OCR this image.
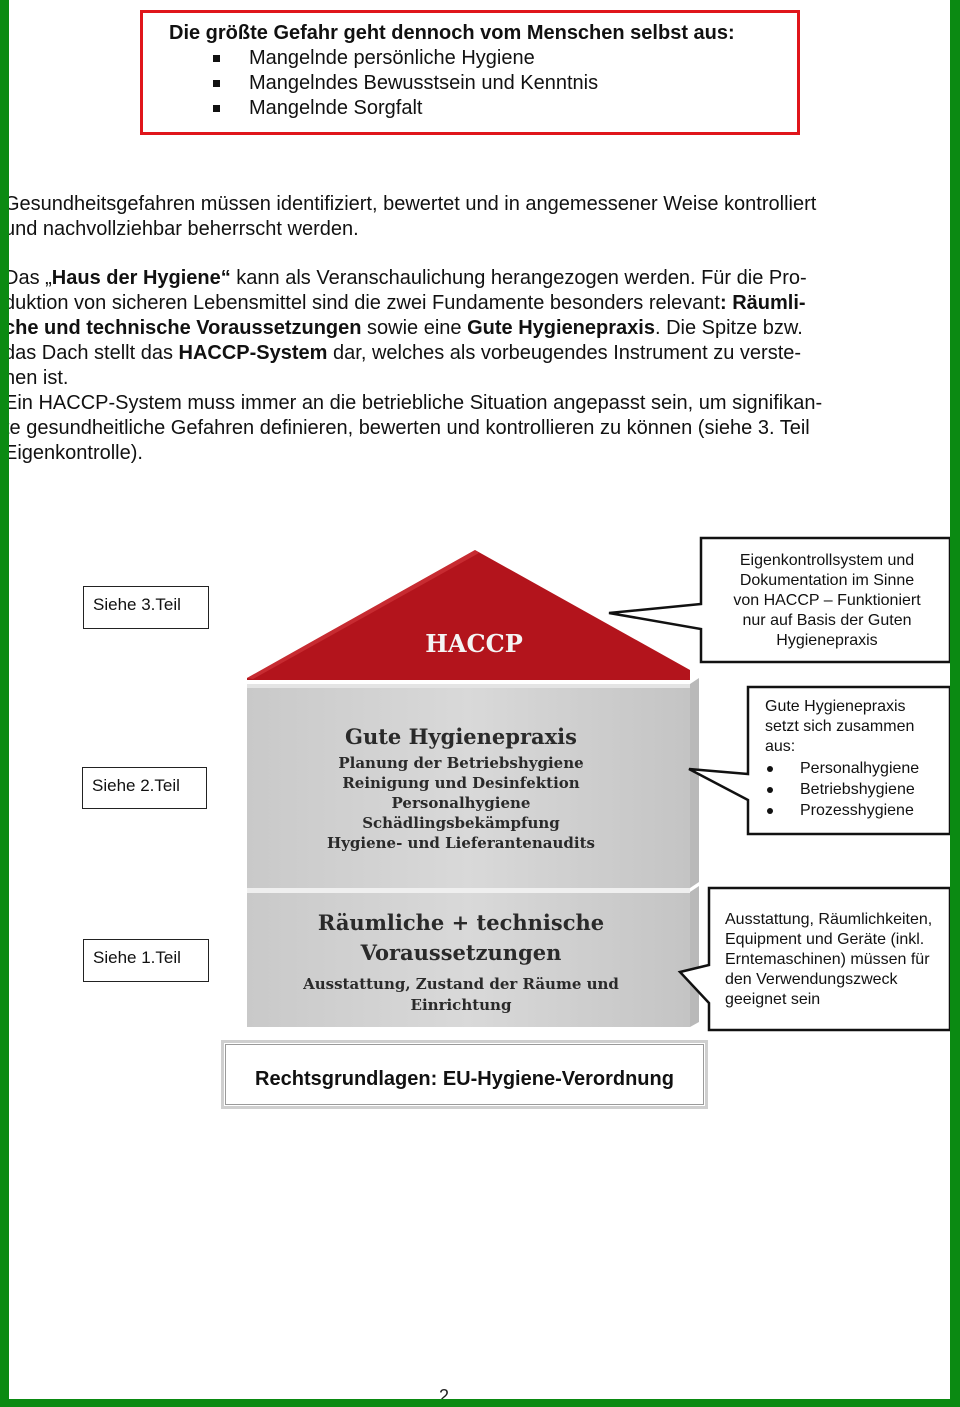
Die größte Gefahr geht dennoch vom Menschen selbst aus:
Mangelnde persönliche Hygiene
Mangelndes Bewusstsein und Kenntnis
Mangelnde Sorgfalt
Gesundheitsgefahren müssen identifiziert, bewertet und in angemessener Weise kontrolliert
und nachvollziehbar beherrscht werden.
Das „Haus der Hygiene“ kann als Veranschaulichung herangezogen werden. Für die Pro-
duktion von sicheren Lebensmittel sind die zwei Fundamente besonders relevant: Räumli-
che und technische Voraussetzungen sowie eine Gute Hygienepraxis. Die Spitze bzw.
das Dach stellt das HACCP-System dar, welches als vorbeugendes Instrument zu verste-
hen ist.
Ein HACCP-System muss immer an die betriebliche Situation angepasst sein, um signifikan-
te gesundheitliche Gefahren definieren, bewerten und kontrollieren zu können (siehe 3. Teil
Eigenkontrolle).
Siehe 3.Teil
Siehe 2.Teil
Siehe 1.Teil
HACCP
Gute Hygienepraxis
Planung der Betriebshygiene
Reinigung und Desinfektion
Personalhygiene
Schädlingsbekämpfung
Hygiene- und Lieferantenaudits
Räumliche + technische
Voraussetzungen
Ausstattung, Zustand der Räume und
Einrichtung
Eigenkontrollsystem und
Dokumentation im Sinne
von HACCP – Funktioniert
nur auf Basis der Guten
Hygienepraxis
Gute Hygienepraxis
setzt sich zusammen
aus:
Personalhygiene
Betriebshygiene
Prozesshygiene
Ausstattung, Räumlichkeiten,
Equipment und Geräte (inkl.
Erntemaschinen) müssen für
den Verwendungszweck
geeignet sein
Rechtsgrundlagen: EU-Hygiene-Verordnung
2
